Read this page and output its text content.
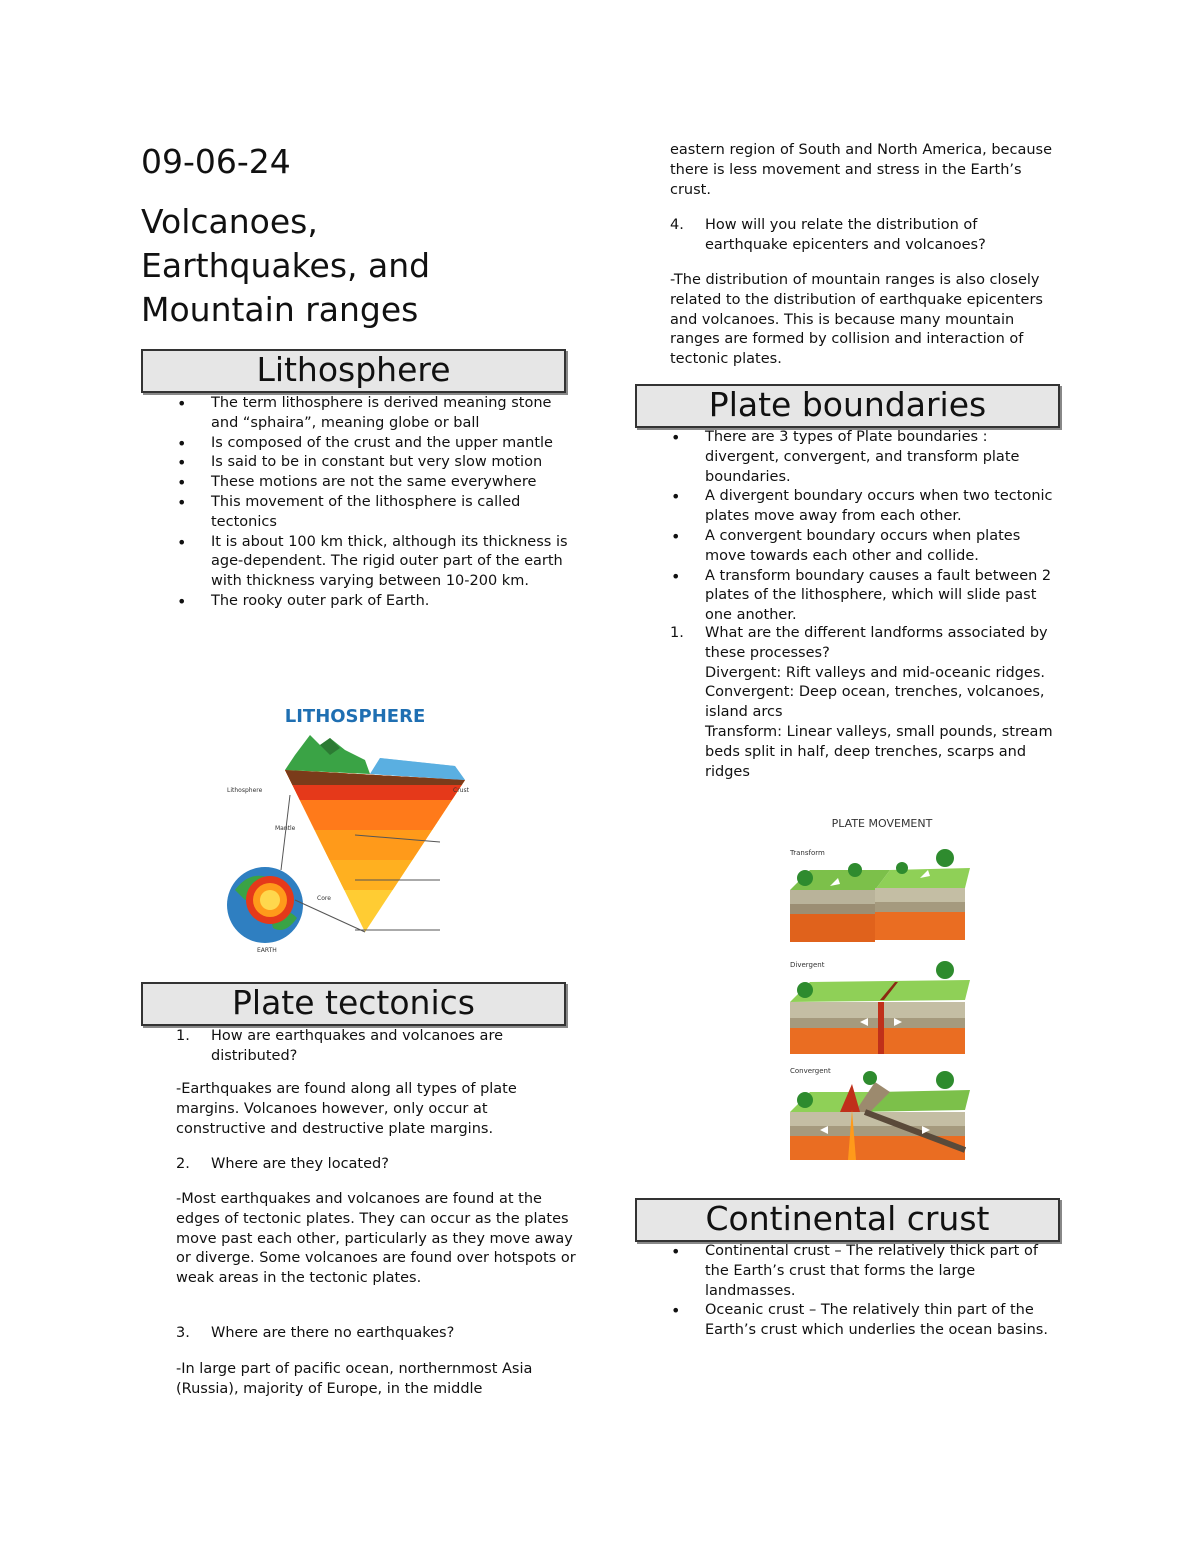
09-06-24
Volcanoes,
Earthquakes, and
Mountain ranges
Lithosphere
• The term lithosphere is derived meaning stone and “sphaira”, meaning globe or ball
• Is composed of the crust and the upper mantle
• Is said to be in constant but very slow motion
• These motions are not the same everywhere
• This movement of the lithosphere is called tectonics
• It is about 100 km thick, although its thickness is age-dependent. The rigid outer part of the earth with thickness varying between 10-200 km.
• The rooky outer park of Earth.
LITHOSPHERE
Lithosphere
Mantle
Core
EARTH
Crust
Plate tectonics
1. How are earthquakes and volcanoes are distributed?
-Earthquakes are found along all types of plate margins. Volcanoes however, only occur at constructive and destructive plate margins.
2. Where are they located?
-Most earthquakes and volcanoes are found at the edges of tectonic plates. They can occur as the plates move past each other, particularly as they move away or diverge. Some volcanoes are found over hotspots or weak areas in the tectonic plates.
3. Where are there no earthquakes?
-In large part of pacific ocean, northernmost Asia (Russia), majority of Europe, in the middle
eastern region of South and North America, because there is less movement and stress in the Earth’s crust.
4. How will you relate the distribution of earthquake epicenters and volcanoes?
-The distribution of mountain ranges is also closely related to the distribution of earthquake epicenters and volcanoes. This is because many mountain ranges are formed by collision and interaction of tectonic plates.
Plate boundaries
• There are 3 types of Plate boundaries : divergent, convergent, and transform plate boundaries.
• A divergent boundary occurs when two tectonic plates move away from each other.
• A convergent boundary occurs when plates move towards each other and collide.
• A transform boundary causes a fault between 2 plates of the lithosphere, which will slide past one another.
1. What are the different landforms associated by these processes?
Divergent: Rift valleys and mid-oceanic ridges.
Convergent: Deep ocean, trenches, volcanoes, island arcs
Transform: Linear valleys, small pounds, stream beds split in half, deep trenches, scarps and ridges
PLATE MOVEMENT
Transform
Divergent
Convergent
Continental crust
• Continental crust – The relatively thick part of the Earth’s crust that forms the large landmasses.
• Oceanic crust – The relatively thin part of the Earth’s crust which underlies the ocean basins.
